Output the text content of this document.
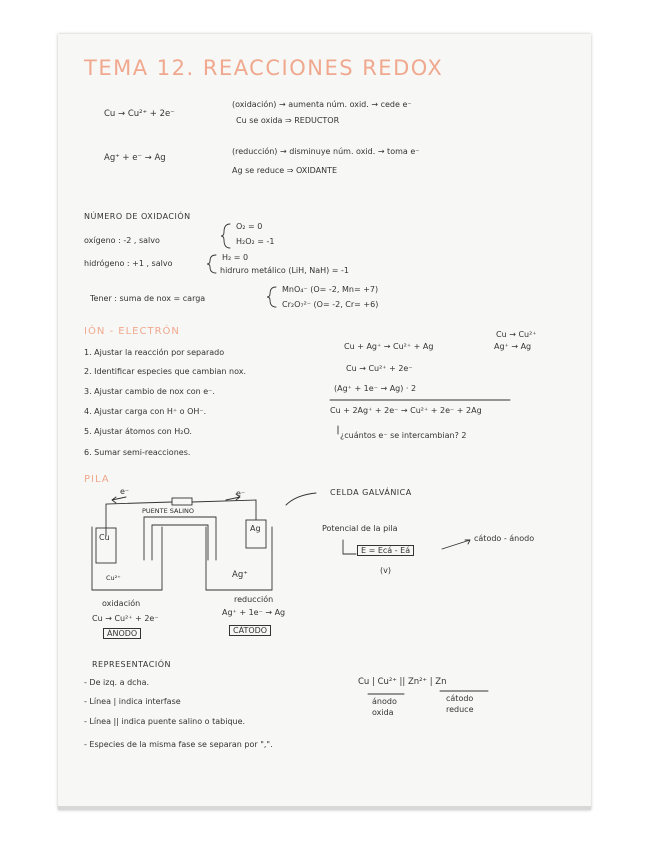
TEMA 12. REACCIONES REDOX
Cu → Cu²⁺ + 2e⁻
(oxidación) → aumenta núm. oxid. → cede e⁻
Cu se oxida ⇒ REDUCTOR
Ag⁺ + e⁻ → Ag
(reducción) → disminuye núm. oxid. → toma e⁻
Ag se reduce ⇒ OXIDANTE
NÚMERO DE OXIDACIÓN
oxígeno : -2 , salvo
O₂ = 0
H₂O₂ = -1
hidrógeno : +1 , salvo
H₂ = 0
hidruro metálico (LiH, NaH) = -1
Tener : suma de nox = carga
MnO₄⁻ (O= -2, Mn= +7)
Cr₂O₇²⁻ (O= -2, Cr= +6)
IÓN - ELECTRÓN
1. Ajustar la reacción por separado
2. Identificar especies que cambian nox.
3. Ajustar cambio de nox con e⁻.
4. Ajustar carga con H⁺ o OH⁻.
5. Ajustar átomos con H₂O.
6. Sumar semi-reacciones.
Cu + Ag⁺ → Cu²⁺ + Ag
Cu → Cu²⁺
Ag⁺ → Ag
Cu → Cu²⁺ + 2e⁻
(Ag⁺ + 1e⁻ → Ag) · 2
Cu + 2Ag⁺ + 2e⁻ → Cu²⁺ + 2e⁻ + 2Ag
¿cuántos e⁻ se intercambian? 2
PILA
e⁻	e⁻
PUENTE SALINO
Cu
Ag
Cu²⁺	Ag⁺
oxidación
Cu → Cu²⁺ + 2e⁻
ÁNODO
reducción
Ag⁺ + 1e⁻ → Ag
CÁTODO
CELDA GALVÁNICA
Potencial de la pila
E = Ecá - Eá
(v)
cátodo - ánodo
REPRESENTACIÓN
- De izq. a dcha.
- Línea | indica interfase
- Línea || indica puente salino o tabique.
- Especies de la misma fase se separan por ",".
Cu | Cu²⁺ || Zn²⁺ | Zn
ánodo
oxida
cátodo
reduce
